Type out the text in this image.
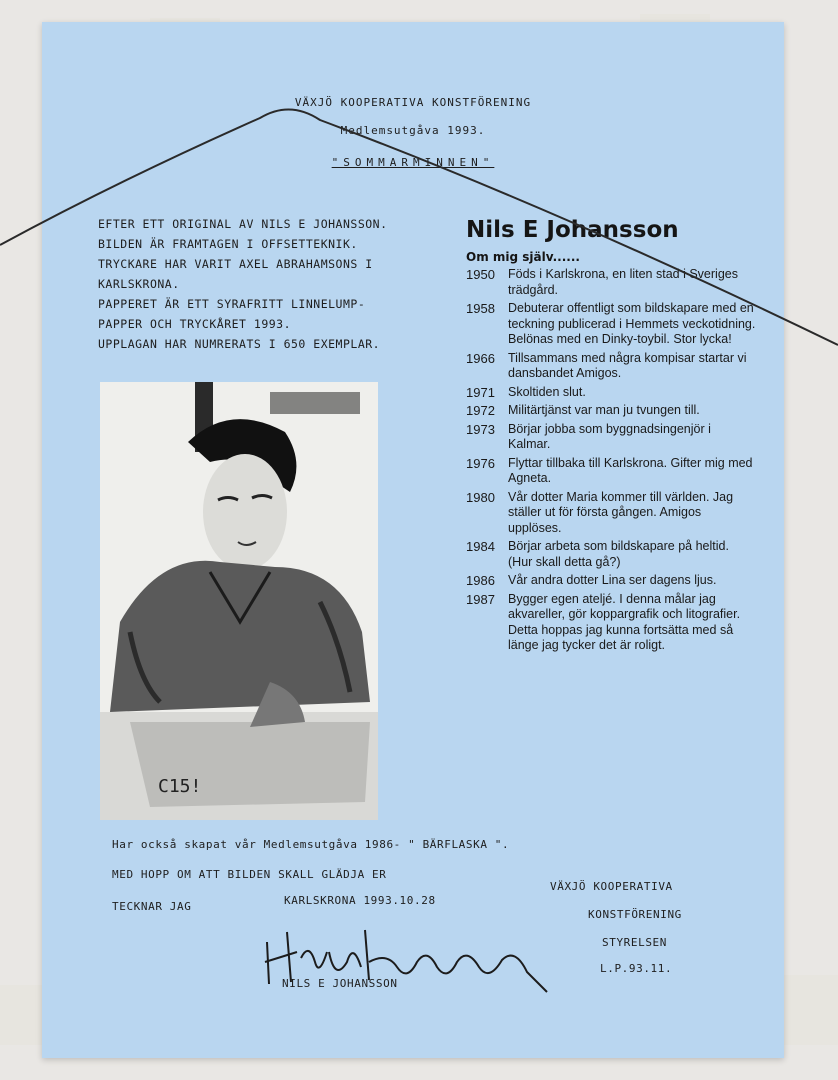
VÄXJÖ KOOPERATIVA KONSTFÖRENING
Medlemsutgåva 1993.
"SOMMARMINNEN"
EFTER ETT ORIGINAL AV NILS E JOHANSSON.
BILDEN ÄR FRAMTAGEN I OFFSETTEKNIK.
TRYCKARE HAR VARIT AXEL ABRAHAMSONS I
KARLSKRONA.
PAPPERET ÄR ETT SYRAFRITT LINNELUMP-
PAPPER OCH TRYCKÅRET 1993.
UPPLAGAN HAR NUMRERATS I 650 EXEMPLAR.
C15!
Nils E Johansson
Om mig själv......
1950	Föds i Karlskrona, en liten stad i Sveriges trädgård.
1958	Debuterar offentligt som bildskapare med en teckning publicerad i Hemmets veckotidning. Belönas med en Dinky-toybil. Stor lycka!
1966	Tillsammans med några kompisar startar vi dansbandet Amigos.
1971	Skoltiden slut.
1972	Militärtjänst var man ju tvungen till.
1973	Börjar jobba som byggnadsingenjör i Kalmar.
1976	Flyttar tillbaka till Karlskrona. Gifter mig med Agneta.
1980	Vår dotter Maria kommer till världen. Jag ställer ut för första gången. Amigos upplöses.
1984	Börjar arbeta som bildskapare på heltid. (Hur skall detta gå?)
1986	Vår andra dotter Lina ser dagens ljus.
1987	Bygger egen ateljé. I denna målar jag akvareller, gör koppargrafik och litografier. Detta hoppas jag kunna fortsätta med så länge jag tycker det är roligt.
Har också skapat vår Medlemsutgåva 1986- " BÄRFLASKA ".
MED HOPP OM ATT BILDEN SKALL GLÄDJA ER
TECKNAR JAG	KARLSKRONA 1993.10.28
NILS E JOHANSSON
VÄXJÖ KOOPERATIVA
KONSTFÖRENING
STYRELSEN
L.P.93.11.
